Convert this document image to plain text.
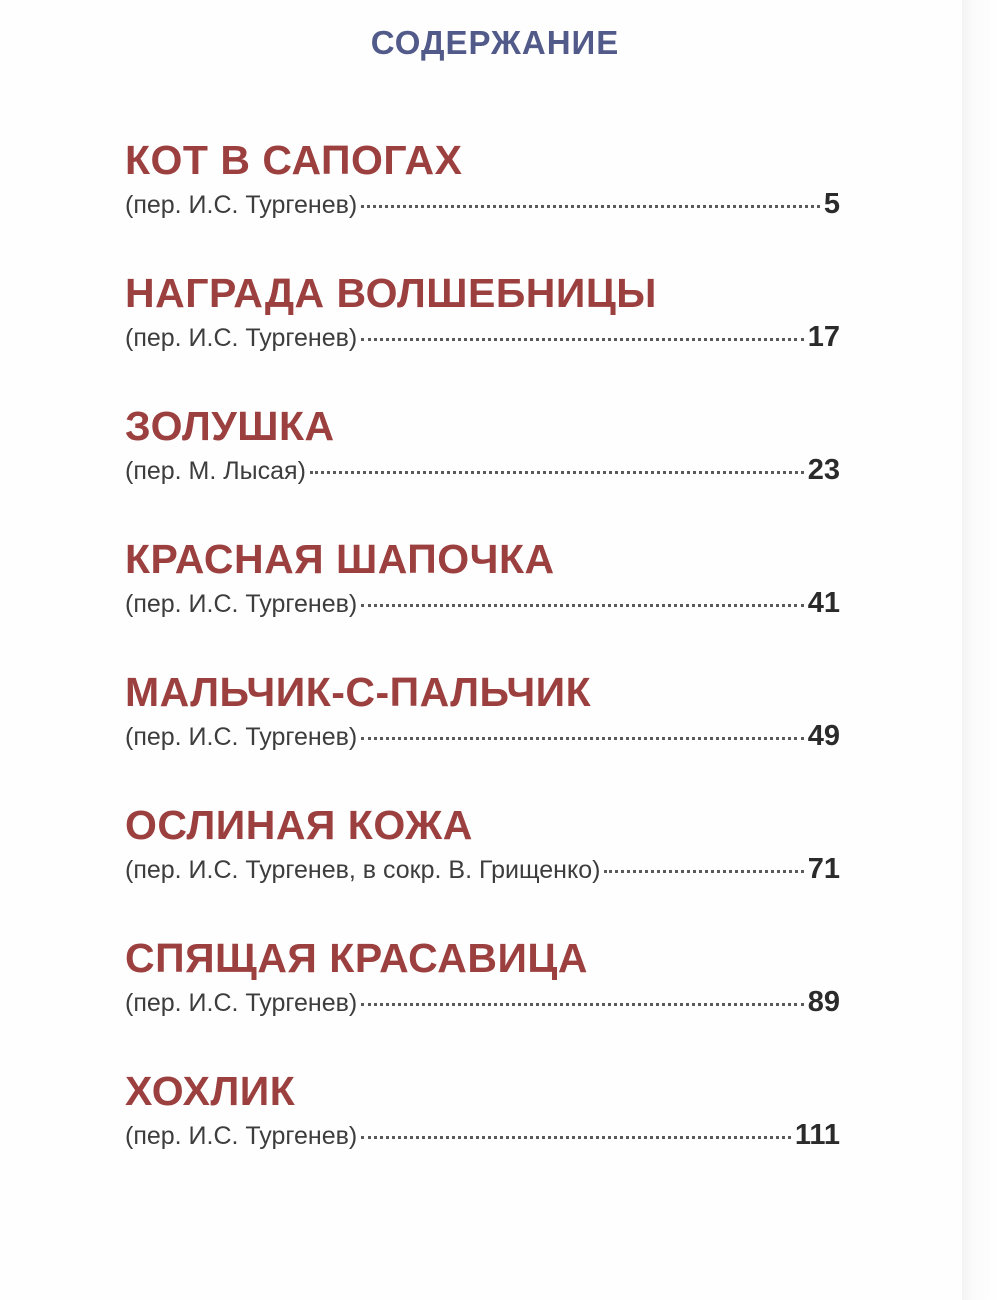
СОДЕРЖАНИЕ
КОТ В САПОГАХ
(пер. И.С. Тургенев)	5
НАГРАДА ВОЛШЕБНИЦЫ
(пер. И.С. Тургенев)	17
ЗОЛУШКА
(пер. М. Лысая)	23
КРАСНАЯ ШАПОЧКА
(пер. И.С. Тургенев)	41
МАЛЬЧИК-С-ПАЛЬЧИК
(пер. И.С. Тургенев)	49
ОСЛИНАЯ КОЖА
(пер. И.С. Тургенев, в сокр. В. Грищенко)	71
СПЯЩАЯ КРАСАВИЦА
(пер. И.С. Тургенев)	89
ХОХЛИК
(пер. И.С. Тургенев)	111
